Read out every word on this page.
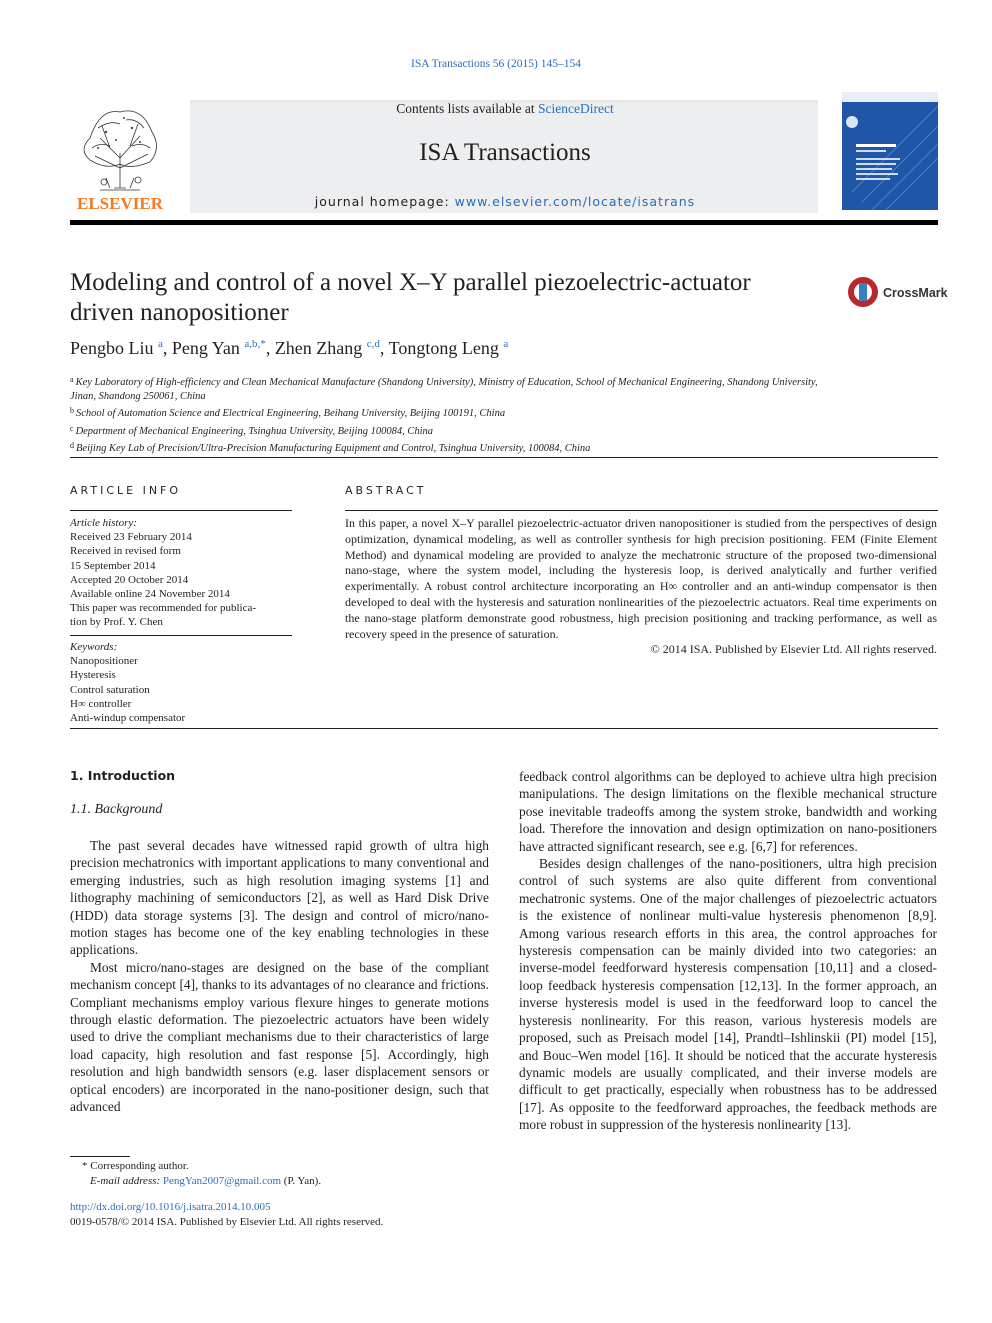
ISA Transactions 56 (2015) 145–154
ELSEVIER
Contents lists available at ScienceDirect
ISA Transactions
journal homepage: www.elsevier.com/locate/isatrans
Modeling and control of a novel X–Y parallel piezoelectric-actuator
driven nanopositioner
CrossMark
Pengbo Liu $^a$, Peng Yan $^{a,b,*}$, Zhen Zhang $^{c,d}$, Tongtong Leng $^a$
$^a$ Key Laboratory of High-efficiency and Clean Mechanical Manufacture (Shandong University), Ministry of Education, School of Mechanical Engineering, Shandong University, Jinan, Shandong 250061, China
$^b$ School of Automation Science and Electrical Engineering, Beihang University, Beijing 100191, China
$^c$ Department of Mechanical Engineering, Tsinghua University, Beijing 100084, China
$^d$ Beijing Key Lab of Precision/Ultra-Precision Manufacturing Equipment and Control, Tsinghua University, 100084, China
ARTICLE INFO
Article history:
Received 23 February 2014
Received in revised form
15 September 2014
Accepted 20 October 2014
Available online 24 November 2014
This paper was recommended for publica-
tion by Prof. Y. Chen
Keywords:
Nanopositioner
Hysteresis
Control saturation
H∞ controller
Anti-windup compensator
ABSTRACT
In this paper, a novel X–Y parallel piezoelectric-actuator driven nanopositioner is studied from the perspectives of design optimization, dynamical modeling, as well as controller synthesis for high precision positioning. FEM (Finite Element Method) and dynamical modeling are provided to analyze the mechatronic structure of the proposed two-dimensional nano-stage, where the system model, including the hysteresis loop, is derived analytically and further verified experimentally. A robust control architecture incorporating an H∞ controller and an anti-windup compensator is then developed to deal with the hysteresis and saturation nonlinearities of the piezoelectric actuators. Real time experiments on the nano-stage platform demonstrate good robustness, high precision positioning and tracking performance, as well as recovery speed in the presence of saturation.
© 2014 ISA. Published by Elsevier Ltd. All rights reserved.
1. Introduction
1.1. Background

The past several decades have witnessed rapid growth of ultra high precision mechatronics with important applications to many conventional and emerging industries, such as high resolution imaging systems [1] and lithography machining of semiconductors [2], as well as Hard Disk Drive (HDD) data storage systems [3]. The design and control of micro/nano-motion stages has become one of the key enabling technologies in these applications.

Most micro/nano-stages are designed on the base of the compliant mechanism concept [4], thanks to its advantages of no clearance and frictions. Compliant mechanisms employ various flexure hinges to generate motions through elastic deformation. The piezoelectric actuators have been widely used to drive the compliant mechanisms due to their characteristics of large load capacity, high resolution and fast response [5]. Accordingly, high resolution and high bandwidth sensors (e.g. laser displacement sensors or optical encoders) are incorporated in the nano-positioner design, such that advanced

feedback control algorithms can be deployed to achieve ultra high precision manipulations. The design limitations on the flexible mechanical structure pose inevitable tradeoffs among the system stroke, bandwidth and working load. Therefore the innovation and design optimization on nano-positioners have attracted significant research, see e.g. [6,7] for references.

Besides design challenges of the nano-positioners, ultra high precision control of such systems are also quite different from conventional mechatronic systems. One of the major challenges of piezoelectric actuators is the existence of nonlinear multi-value hysteresis phenomenon [8,9]. Among various research efforts in this area, the control approaches for hysteresis compensation can be mainly divided into two categories: an inverse-model feedforward hysteresis compensation [10,11] and a closed-loop feedback hysteresis compensation [12,13]. In the former approach, an inverse hysteresis model is used in the feedforward loop to cancel the hysteresis nonlinearity. For this reason, various hysteresis models are proposed, such as Preisach model [14], Prandtl–Ishlinskii (PI) model [15], and Bouc–Wen model [16]. It should be noticed that the accurate hysteresis dynamic models are usually complicated, and their inverse models are difficult to get practically, especially when robustness has to be addressed [17]. As opposite to the feedforward approaches, the feedback methods are more robust in suppression of the hysteresis nonlinearity [13].

* Corresponding author.
E-mail address: PengYan2007@gmail.com (P. Yan).
http://dx.doi.org/10.1016/j.isatra.2014.10.005
0019-0578/© 2014 ISA. Published by Elsevier Ltd. All rights reserved.
